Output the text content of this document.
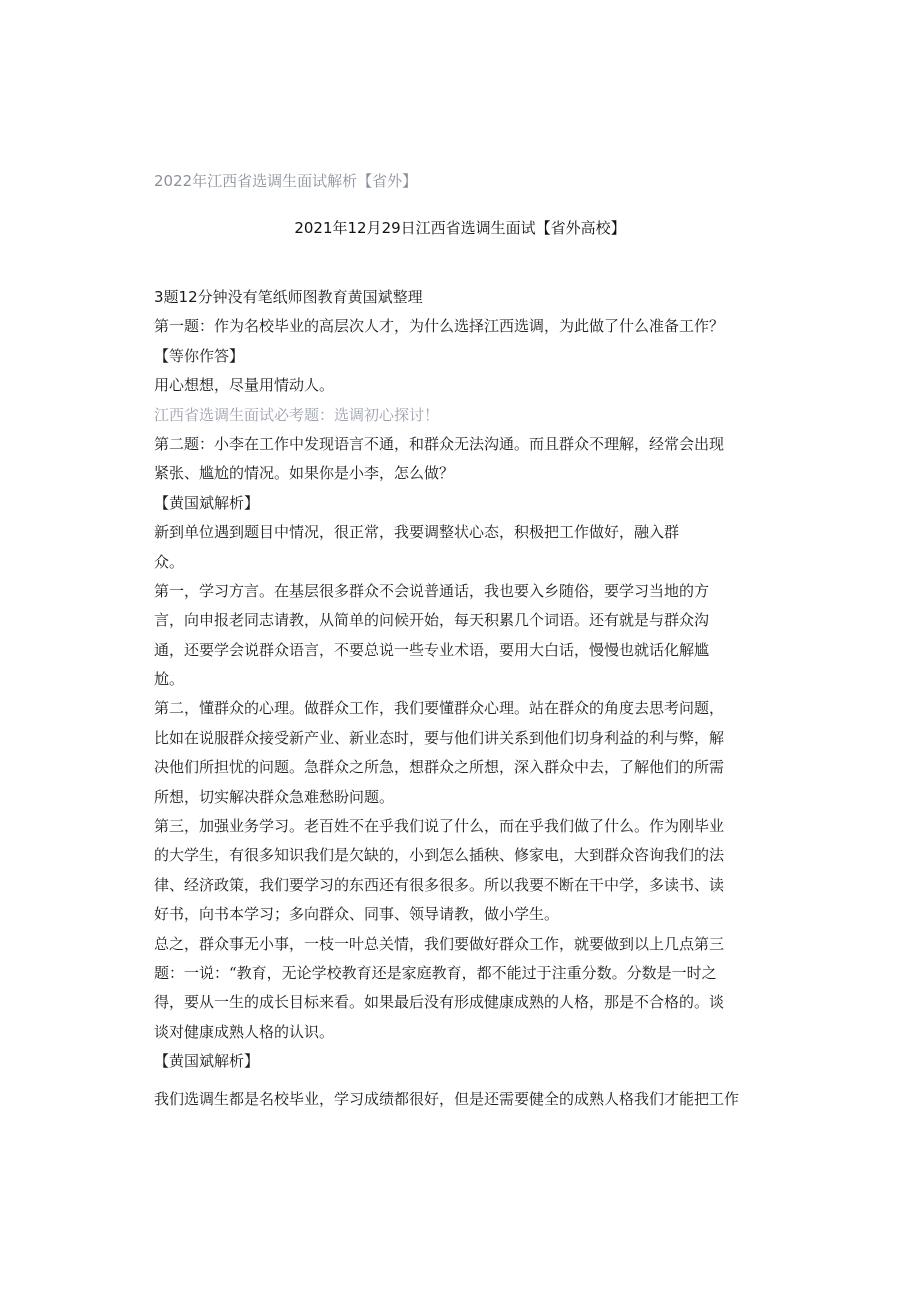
2022年江西省选调生面试解析【省外】
2021年12月29日江西省选调生面试【省外高校】
3题12分钟没有笔纸师图教育黄国斌整理
第一题：作为名校毕业的高层次人才，为什么选择江西选调，为此做了什么准备工作？
【等你作答】
用心想想，尽量用情动人。
江西省选调生面试必考题：选调初心探讨！
第二题：小李在工作中发现语言不通，和群众无法沟通。而且群众不理解，经常会出现
紧张、尴尬的情况。如果你是小李，怎么做？
【黄国斌解析】
新到单位遇到题目中情况，很正常，我要调整状心态，积极把工作做好，融入群
众。
第一，学习方言。在基层很多群众不会说普通话，我也要入乡随俗，要学习当地的方
言，向申报老同志请教，从简单的问候开始，每天积累几个词语。还有就是与群众沟
通，还要学会说群众语言，不要总说一些专业术语，要用大白话，慢慢也就话化解尴
尬。
第二，懂群众的心理。做群众工作，我们要懂群众心理。站在群众的角度去思考问题，
比如在说服群众接受新产业、新业态时，要与他们讲关系到他们切身利益的利与弊，解
决他们所担忧的问题。急群众之所急，想群众之所想，深入群众中去，了解他们的所需
所想，切实解决群众急难愁盼问题。
第三，加强业务学习。老百姓不在乎我们说了什么，而在乎我们做了什么。作为刚毕业
的大学生，有很多知识我们是欠缺的，小到怎么插秧、修家电，大到群众咨询我们的法
律、经济政策，我们要学习的东西还有很多很多。所以我要不断在干中学，多读书、读
好书，向书本学习；多向群众、同事、领导请教，做小学生。
总之，群众事无小事，一枝一叶总关情，我们要做好群众工作，就要做到以上几点第三
题：一说：“教育，无论学校教育还是家庭教育，都不能过于注重分数。分数是一时之
得，要从一生的成长目标来看。如果最后没有形成健康成熟的人格，那是不合格的。谈
谈对健康成熟人格的认识。
【黄国斌解析】
我们选调生都是名校毕业，学习成绩都很好，但是还需要健全的成熟人格我们才能把工作
